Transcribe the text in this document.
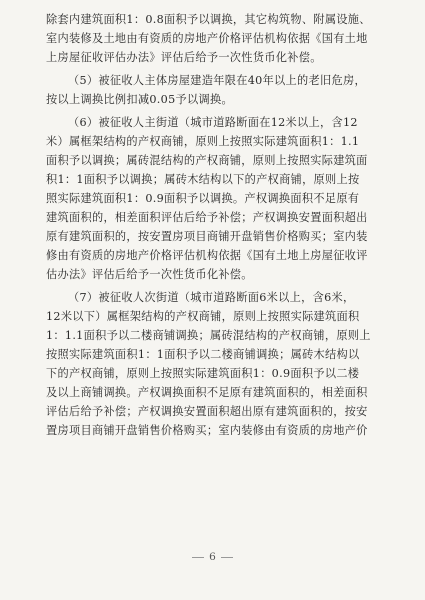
除套内建筑面积1：0.8面积予以调换，其它构筑物、附属设施、
室内装修及土地由有资质的房地产价格评估机构依据《国有土地
上房屋征收评估办法》评估后给予一次性货币化补偿。
（5）被征收人主体房屋建造年限在40年以上的老旧危房，
按以上调换比例扣减0.05予以调换。
（6）被征收人主街道（城市道路断面在12米以上，含12
米）属框架结构的产权商铺，原则上按照实际建筑面积1：1.1
面积予以调换；属砖混结构的产权商铺，原则上按照实际建筑面
积1：1面积予以调换；属砖木结构以下的产权商铺，原则上按
照实际建筑面积1：0.9面积予以调换。产权调换面积不足原有
建筑面积的，相差面积评估后给予补偿；产权调换安置面积超出
原有建筑面积的，按安置房项目商铺开盘销售价格购买；室内装
修由有资质的房地产价格评估机构依据《国有土地上房屋征收评
估办法》评估后给予一次性货币化补偿。
（7）被征收人次街道（城市道路断面6米以上，含6米，
12米以下）属框架结构的产权商铺，原则上按照实际建筑面积
1：1.1面积予以二楼商铺调换；属砖混结构的产权商铺，原则上
按照实际建筑面积1：1面积予以二楼商铺调换；属砖木结构以
下的产权商铺，原则上按照实际建筑面积1：0.9面积予以二楼
及以上商铺调换。产权调换面积不足原有建筑面积的，相差面积
评估后给予补偿；产权调换安置面积超出原有建筑面积的，按安
置房项目商铺开盘销售价格购买；室内装修由有资质的房地产价
6
